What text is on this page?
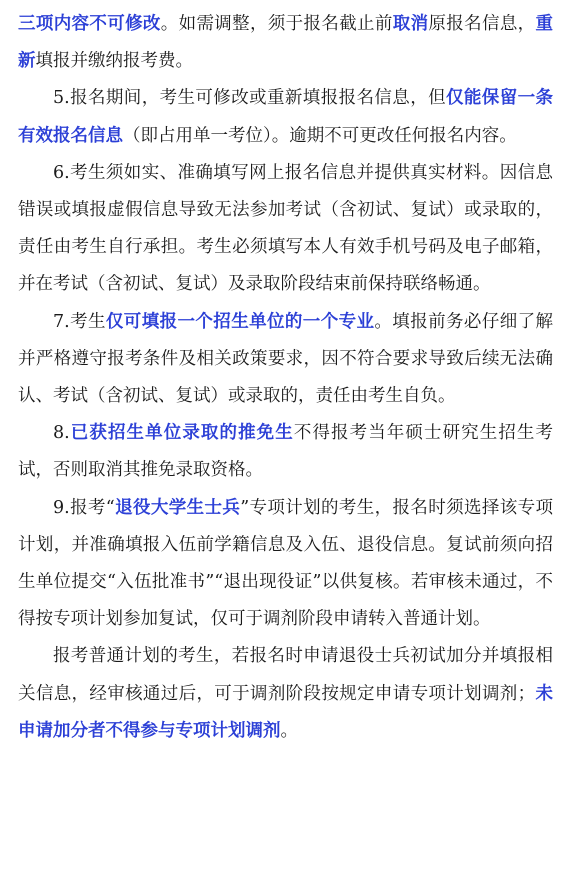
三项内容不可修改。如需调整，须于报名截止前取消原报名信息，重新填报并缴纳报考费。

5.报名期间，考生可修改或重新填报报名信息，但仅能保留一条有效报名信息（即占用单一考位）。逾期不可更改任何报名内容。

6.考生须如实、准确填写网上报名信息并提供真实材料。因信息错误或填报虚假信息导致无法参加考试（含初试、复试）或录取的，责任由考生自行承担。考生必须填写本人有效手机号码及电子邮箱，并在考试（含初试、复试）及录取阶段结束前保持联络畅通。

7.考生仅可填报一个招生单位的一个专业。填报前务必仔细了解并严格遵守报考条件及相关政策要求，因不符合要求导致后续无法确认、考试（含初试、复试）或录取的，责任由考生自负。

8.已获招生单位录取的推免生不得报考当年硕士研究生招生考试，否则取消其推免录取资格。

9.报考“退役大学生士兵”专项计划的考生，报名时须选择该专项计划，并准确填报入伍前学籍信息及入伍、退役信息。复试前须向招生单位提交“入伍批准书”“退出现役证”以供复核。若审核未通过，不得按专项计划参加复试，仅可于调剂阶段申请转入普通计划。

报考普通计划的考生，若报名时申请退役士兵初试加分并填报相关信息，经审核通过后，可于调剂阶段按规定申请专项计划调剂；未申请加分者不得参与专项计划调剂。
